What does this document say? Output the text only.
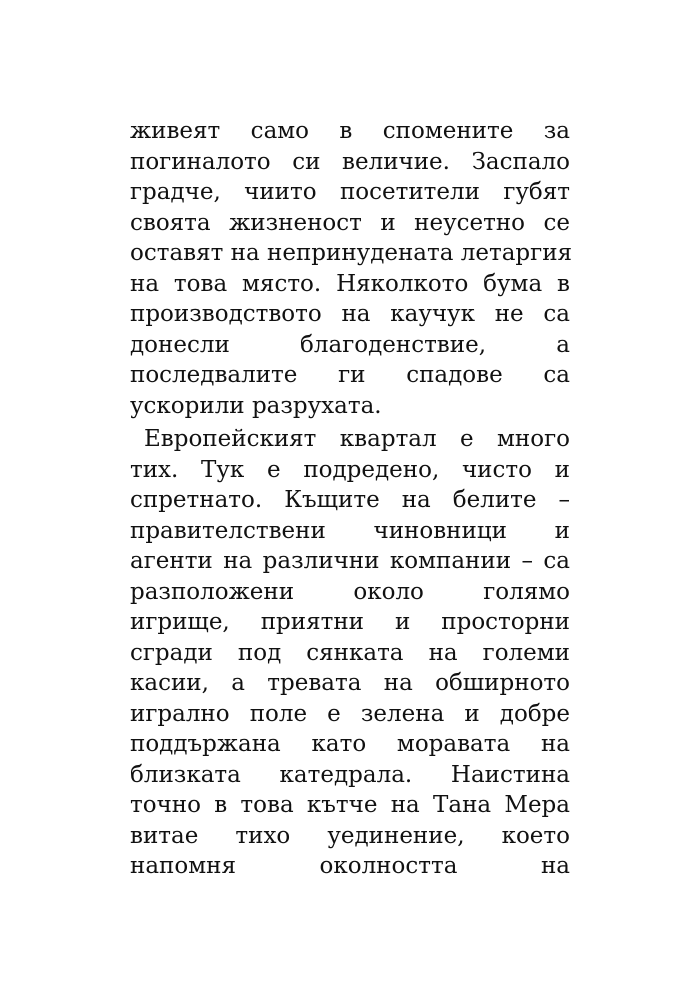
живеят само в спомените за
погиналото си величие. Заспало
градче, чиито посетители губят
своята жизненост и неусетно се
оставят на непринудената летаргия
на това място. Няколкото бума в
производството на каучук не са
донесли благоденствие, а
последвалите ги спадове са
ускорили разрухата.
Европейският квартал е много
тих. Тук е подредено, чисто и
спретнато. Къщите на белите –
правителствени чиновници и
агенти на различни компании – са
разположени около голямо
игрище, приятни и просторни
сгради под сянката на големи
касии, а тревата на обширното
игрално поле е зелена и добре
поддържана като моравата на
близката катедрала. Наистина
точно в това кътче на Тана Мера
витае тихо уединение, което
напомня околността на
